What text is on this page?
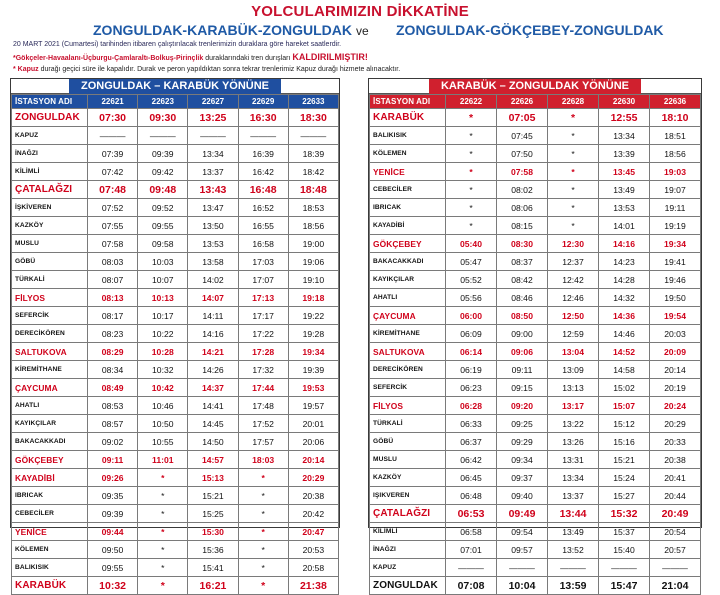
YOLCULARIMIZIN DİKKATİNE
ZONGULDAK-KARABÜK-ZONGULDAK ve ZONGULDAK-GÖKÇEBEY-ZONGULDAK
20 MART 2021 (Cumartesi) tarihinden itibaren çalıştırılacak trenlerimizin duraklara göre hareket saatlerdir.
*Gökçeler-Havaalanı-Üçburgu-Çamlaraltı-Bolkuş-Pirinçlik duraklarındaki tren durışları KALDIRILMIŞTIR!
* Kapuz durağı geçici süre ile kapalıdır. Durak ve peron yapıldıktan sonra tekrar trenlerimiz Kapuz durağı hizmete alınacaktır.
ZONGULDAK – KARABÜK YÖNÜNE
İSTASYON ADI	22621	22623	22627	22629	22633
ZONGULDAK	07:30	09:30	13:25	16:30	18:30
KAPUZ	———	———	———	———	———
İNAĞZI	07:39	09:39	13:34	16:39	18:39
KİLİMLİ	07:42	09:42	13:37	16:42	18:42
ÇATALAĞZI	07:48	09:48	13:43	16:48	18:48
İŞKİVEREN	07:52	09:52	13:47	16:52	18:53
KAZKÖY	07:55	09:55	13:50	16:55	18:56
MUSLU	07:58	09:58	13:53	16:58	19:00
GÖBÜ	08:03	10:03	13:58	17:03	19:06
TÜRKALİ	08:07	10:07	14:02	17:07	19:10
FİLYOS	08:13	10:13	14:07	17:13	19:18
SEFERCİK	08:17	10:17	14:11	17:17	19:22
DERECİKÖREN	08:23	10:22	14:16	17:22	19:28
SALTUKOVA	08:29	10:28	14:21	17:28	19:34
KİREMİTHANE	08:34	10:32	14:26	17:32	19:39
ÇAYCUMA	08:49	10:42	14:37	17:44	19:53
AHATLI	08:53	10:46	14:41	17:48	19:57
KAYIKÇILAR	08:57	10:50	14:45	17:52	20:01
BAKACAKKADI	09:02	10:55	14:50	17:57	20:06
GÖKÇEBEY	09:11	11:01	14:57	18:03	20:14
KAYADİBİ	09:26	*	15:13	*	20:29
IBRICAK	09:35	*	15:21	*	20:38
CEBECİLER	09:39	*	15:25	*	20:42
YENİCE	09:44	*	15:30	*	20:47
KÖLEMEN	09:50	*	15:36	*	20:53
BALIKISIK	09:55	*	15:41	*	20:58
KARABÜK	10:32	*	16:21	*	21:38
KARABÜK – ZONGULDAK YÖNÜNE
İSTASYON ADI	22622	22626	22628	22630	22636
KARABÜK	*	07:05	*	12:55	18:10
BALIKISIK	*	07:45	*	13:34	18:51
KÖLEMEN	*	07:50	*	13:39	18:56
YENİCE	*	07:58	*	13:45	19:03
CEBECİLER	*	08:02	*	13:49	19:07
IBRICAK	*	08:06	*	13:53	19:11
KAYADİBİ	*	08:15	*	14:01	19:19
GÖKÇEBEY	05:40	08:30	12:30	14:16	19:34
BAKACAKKADI	05:47	08:37	12:37	14:23	19:41
KAYIKÇILAR	05:52	08:42	12:42	14:28	19:46
AHATLI	05:56	08:46	12:46	14:32	19:50
ÇAYCUMA	06:00	08:50	12:50	14:36	19:54
KİREMİTHANE	06:09	09:00	12:59	14:46	20:03
SALTUKOVA	06:14	09:06	13:04	14:52	20:09
DERECİKÖREN	06:19	09:11	13:09	14:58	20:14
SEFERCİK	06:23	09:15	13:13	15:02	20:19
FİLYOS	06:28	09:20	13:17	15:07	20:24
TÜRKALİ	06:33	09:25	13:22	15:12	20:29
GÖBÜ	06:37	09:29	13:26	15:16	20:33
MUSLU	06:42	09:34	13:31	15:21	20:38
KAZKÖY	06:45	09:37	13:34	15:24	20:41
IŞIKVEREN	06:48	09:40	13:37	15:27	20:44
ÇATALAĞZI	06:53	09:49	13:44	15:32	20:49
KİLİMLİ	06:58	09:54	13:49	15:37	20:54
İNAĞZI	07:01	09:57	13:52	15:40	20:57
KAPUZ	———	———	———	———	———
ZONGULDAK	07:08	10:04	13:59	15:47	21:04
